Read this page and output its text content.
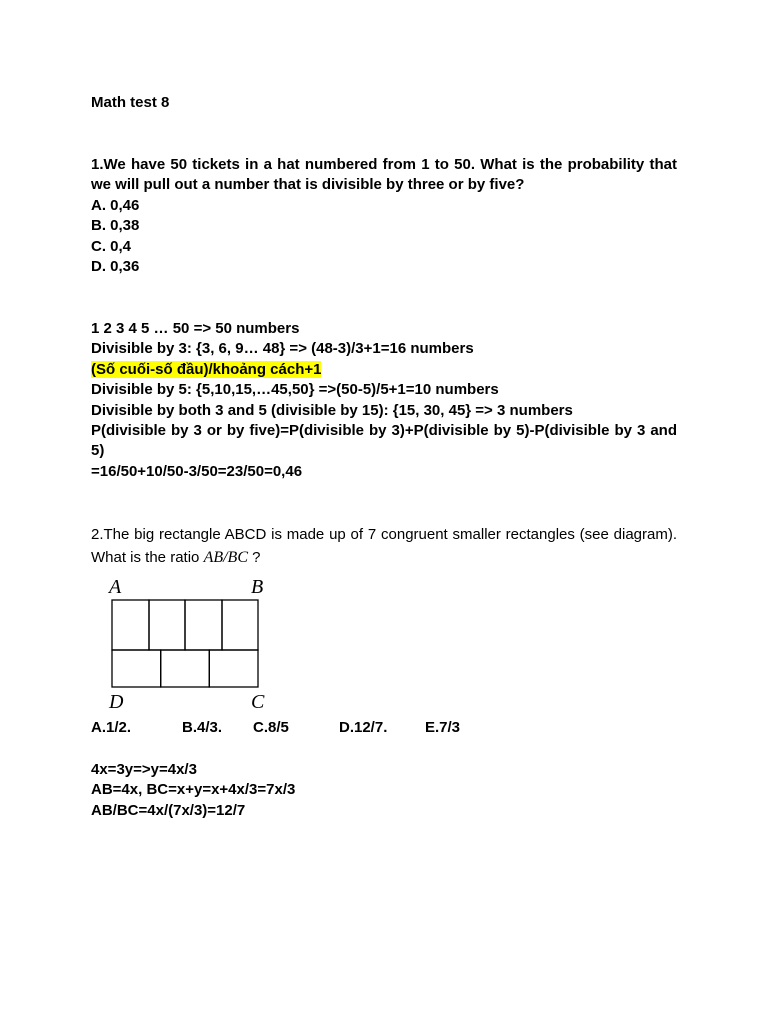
Math test 8
1.We have 50 tickets in a hat numbered from 1 to 50. What is the probability that we will pull out a number that is divisible by three or by five?
A. 0,46
B. 0,38
C. 0,4
D. 0,36
1 2 3 4 5 … 50 => 50 numbers
Divisible by 3: {3, 6, 9… 48} => (48-3)/3+1=16 numbers
(Số cuối-số đầu)/khoảng cách+1
Divisible by 5: {5,10,15,…45,50} =>(50-5)/5+1=10 numbers
Divisible by both 3 and 5 (divisible by 15): {15, 30, 45} => 3 numbers
P(divisible by 3 or by five)=P(divisible by 3)+P(divisible by 5)-P(divisible by 3 and 5)
=16/50+10/50-3/50=23/50=0,46
2.The big rectangle ABCD is made up of 7 congruent smaller rectangles (see diagram). What is the ratio AB/BC ?
A.1/2.	B.4/3. C.8/5	D.12/7.	E.7/3
4x=3y=>y=4x/3
AB=4x, BC=x+y=x+4x/3=7x/3
AB/BC=4x/(7x/3)=12/7
A	B
D	C
